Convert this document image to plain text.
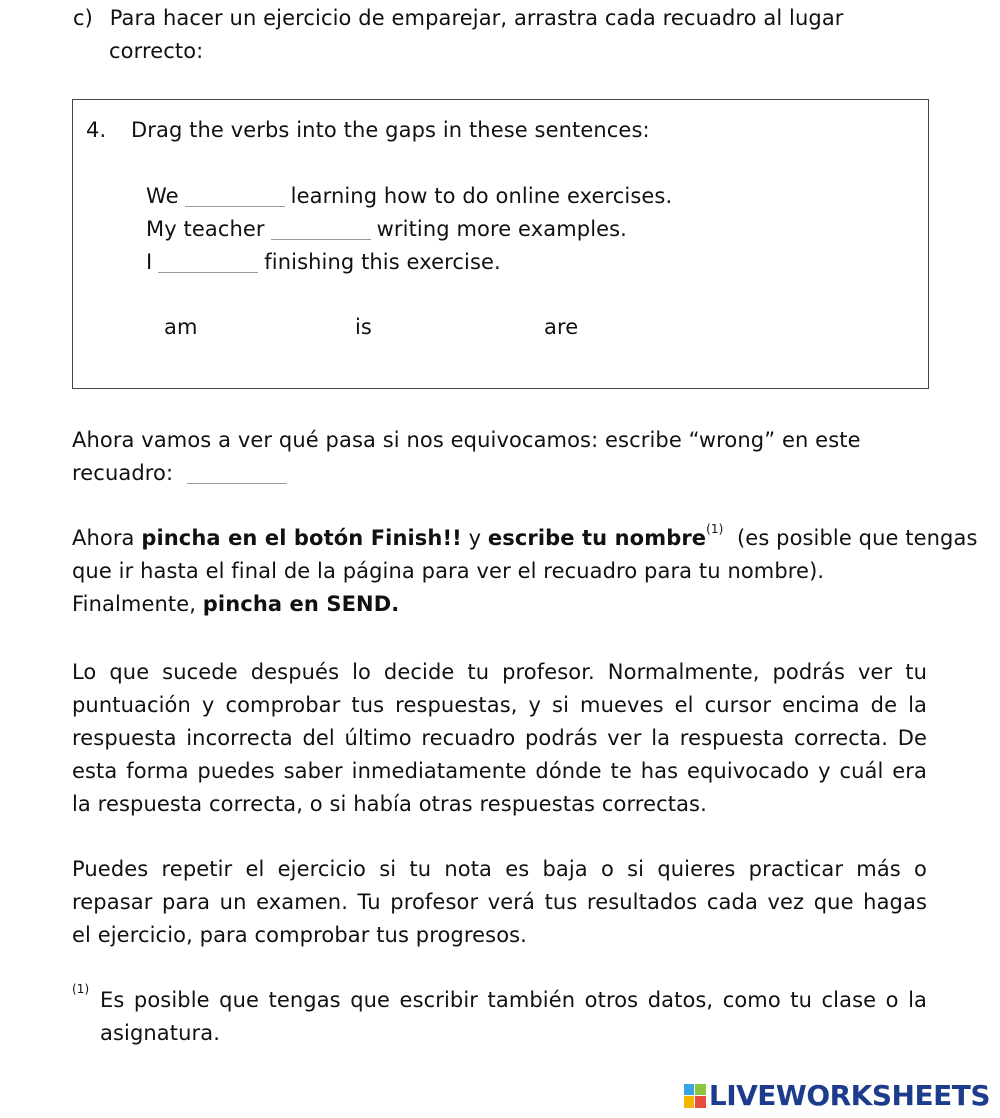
c) Para hacer un ejercicio de emparejar, arrastra cada recuadro al lugar
correcto:
4. Drag the verbs into the gaps in these sentences:
We	learning how to do online exercises.
My teacher	writing more examples.
I	finishing this exercise.
am	is	are
Ahora vamos a ver qué pasa si nos equivocamos: escribe “wrong” en este
recuadro:
Ahora pincha en el botón Finish!! y escribe tu nombre$^{(1)}$  (es posible que tengas
que ir hasta el final de la página para ver el recuadro para tu nombre).
Finalmente, pincha en SEND.
Lo que sucede después lo decide tu profesor. Normalmente, podrás ver tu
puntuación y comprobar tus respuestas, y si mueves el cursor encima de la
respuesta incorrecta del último recuadro podrás ver la respuesta correcta. De
esta forma puedes saber inmediatamente dónde te has equivocado y cuál era
la respuesta correcta, o si había otras respuestas correctas.
Puedes repetir el ejercicio si tu nota es baja o si quieres practicar más o
repasar para un examen. Tu profesor verá tus resultados cada vez que hagas
el ejercicio, para comprobar tus progresos.
(1) Es posible que tengas que escribir también otros datos, como tu clase o la
asignatura.
LIVEWORKSHEETS
